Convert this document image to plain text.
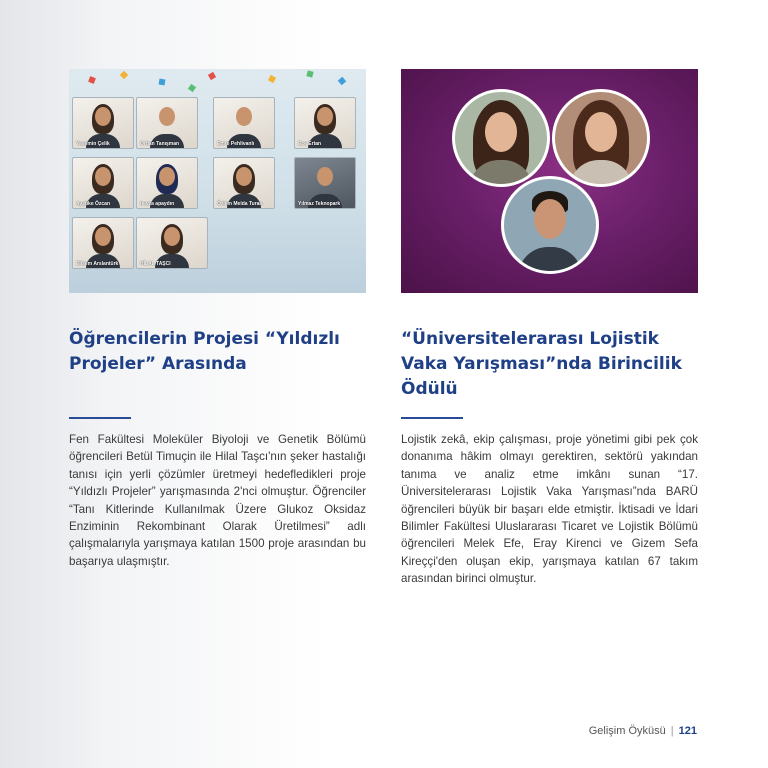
Yasemin Çelik	Orhan Tanışman	Emre Pehlivanlı	Ece Ertan
Ayşüke Özcan	beyza apaydın	Özlem Melda Turan	Yılmaz Teknopark
Elisem Arslantürk	HİLAL TAŞCI
Öğrencilerin Projesi “Yıldızlı Projeler” Arasında

Fen Fakültesi Moleküler Biyoloji ve Genetik Bölümü öğrencileri Betül Timuçin ile Hilal Taşcı'nın şeker hastalığı tanısı için yerli çözümler üretmeyi hedefledikleri proje “Yıldızlı Projeler” yarışmasında 2'nci olmuştur. Öğrenciler “Tanı Kitlerinde Kullanılmak Üzere Glukoz Oksidaz Enziminin Rekombinant Olarak Üretilmesi” adlı çalışmalarıyla yarışmaya katılan 1500 proje arasından bu başarıya ulaşmıştır.

“Üniversitelerarası Lojistik Vaka Yarışması”nda Birincilik Ödülü

Lojistik zekâ, ekip çalışması, proje yönetimi gibi pek çok donanıma hâkim olmayı gerektiren, sektörü yakından tanıma ve analiz etme imkânı sunan “17. Üniversitelerarası Lojistik Vaka Yarışması”nda BARÜ öğrencileri büyük bir başarı elde etmiştir. İktisadi ve İdari Bilimler Fakültesi Uluslararası Ticaret ve Lojistik Bölümü öğrencileri Melek Efe, Eray Kirenci ve Gizem Sefa Kireççi'den oluşan ekip, yarışmaya katılan 67 takım arasından birinci olmuştur.

Gelişim Öyküsü | 121
